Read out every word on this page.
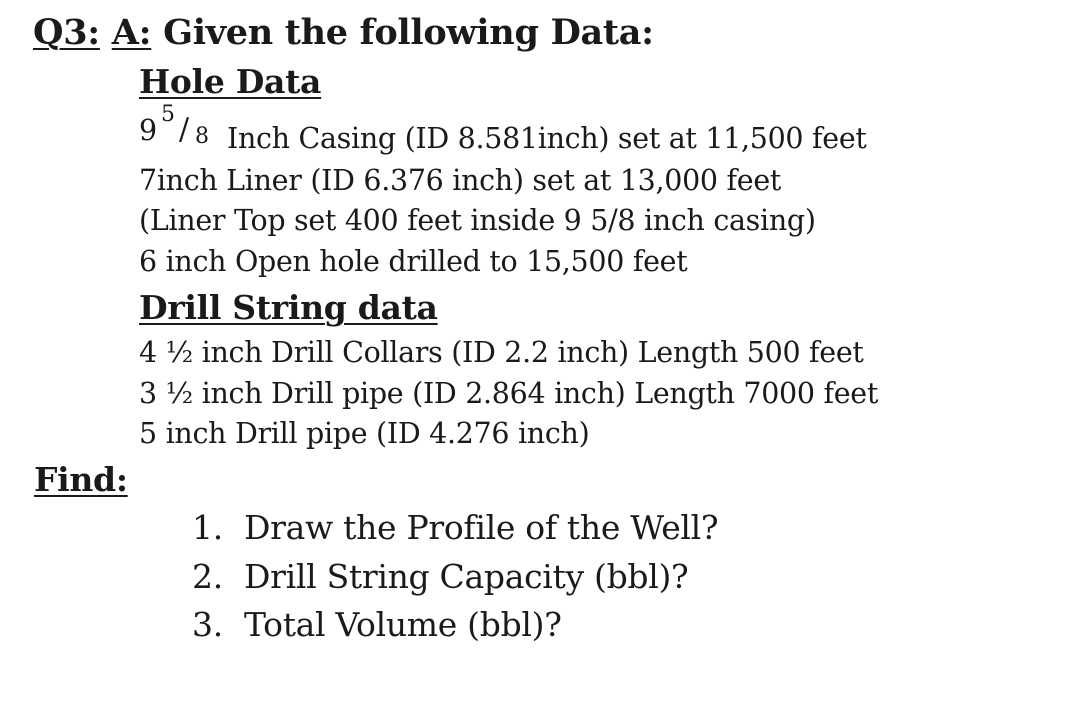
Q3: A: Given the following Data:
Hole Data
9 5 / 8 Inch Casing (ID 8.581inch) set at 11,500 feet
7inch Liner (ID 6.376 inch) set at 13,000 feet
(Liner Top set 400 feet inside 9 5/8 inch casing)
6 inch Open hole drilled to 15,500 feet
Drill String data
4 ½ inch Drill Collars (ID 2.2 inch) Length 500 feet
3 ½ inch Drill pipe (ID 2.864 inch) Length 7000 feet
5 inch Drill pipe (ID 4.276 inch)
Find:
1. Draw the Profile of the Well?
2. Drill String Capacity (bbl)?
3. Total Volume (bbl)?
